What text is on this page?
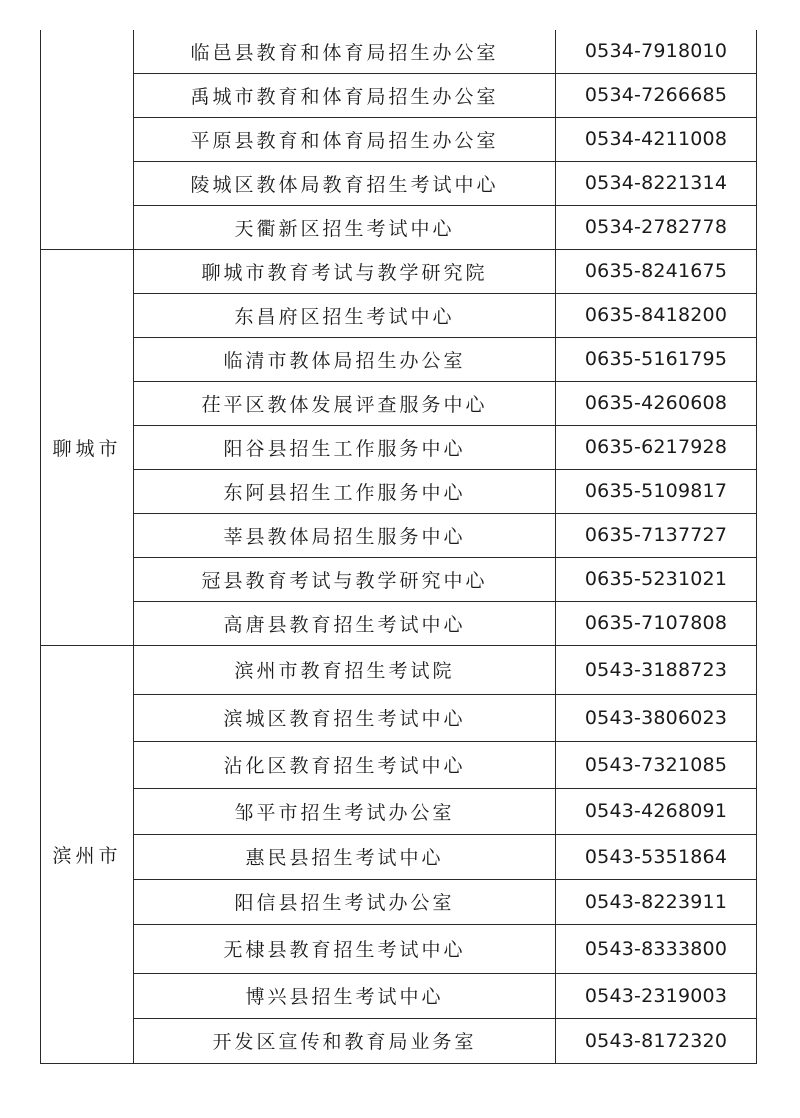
	临邑县教育和体育局招生办公室	0534-7918010
	禹城市教育和体育局招生办公室	0534-7266685
	平原县教育和体育局招生办公室	0534-4211008
	陵城区教体局教育招生考试中心	0534-8221314
	天衢新区招生考试中心	0534-2782778
聊城市	聊城市教育考试与教学研究院	0635-8241675
	东昌府区招生考试中心	0635-8418200
	临清市教体局招生办公室	0635-5161795
	茌平区教体发展评查服务中心	0635-4260608
	阳谷县招生工作服务中心	0635-6217928
	东阿县招生工作服务中心	0635-5109817
	莘县教体局招生服务中心	0635-7137727
	冠县教育考试与教学研究中心	0635-5231021
	高唐县教育招生考试中心	0635-7107808
滨州市	滨州市教育招生考试院	0543-3188723
	滨城区教育招生考试中心	0543-3806023
	沾化区教育招生考试中心	0543-7321085
	邹平市招生考试办公室	0543-4268091
	惠民县招生考试中心	0543-5351864
	阳信县招生考试办公室	0543-8223911
	无棣县教育招生考试中心	0543-8333800
	博兴县招生考试中心	0543-2319003
	开发区宣传和教育局业务室	0543-8172320
